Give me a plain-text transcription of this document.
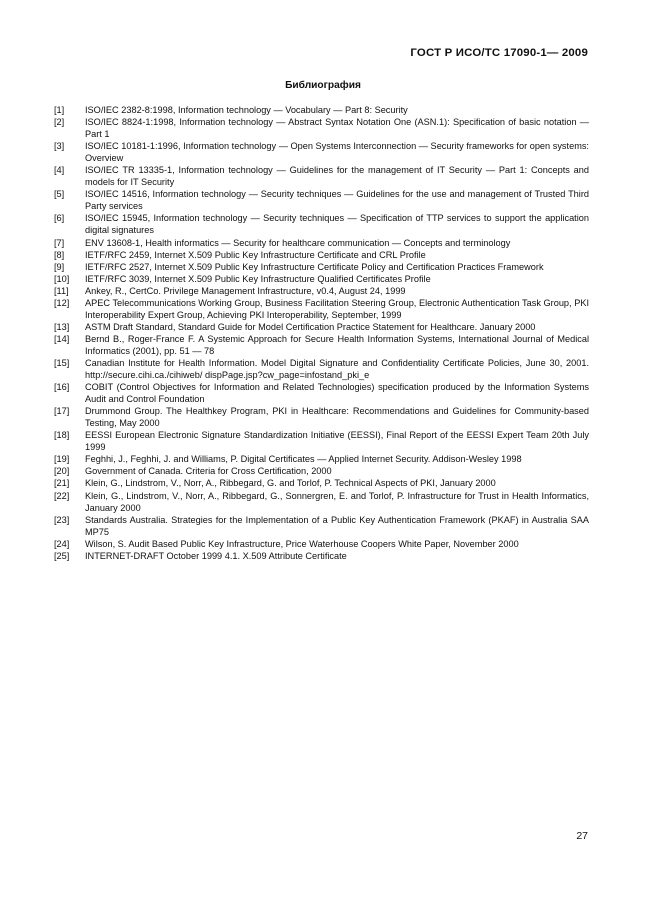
ГОСТ Р ИСО/ТС 17090-1— 2009
Библиография
[1]	ISO/IEC 2382-8:1998, Information technology — Vocabulary — Part 8: Security
[2]	ISO/IEC 8824-1:1998, Information technology — Abstract Syntax Notation One (ASN.1): Specification of basic notation — Part 1
[3]	ISO/IEC 10181-1:1996, Information technology — Open Systems Interconnection — Security frameworks for open systems: Overview
[4]	ISO/IEC TR 13335-1, Information technology — Guidelines for the management of IT Security — Part 1: Concepts and models for IT Security
[5]	ISO/IEC 14516, Information technology — Security techniques — Guidelines for the use and management of Trusted Third Party services
[6]	ISO/IEC 15945, Information technology — Security techniques — Specification of TTP services to support the application digital signatures
[7]	ENV 13608-1, Health informatics — Security for healthcare communication — Concepts and terminology
[8]	IETF/RFC 2459, Internet X.509 Public Key Infrastructure Certificate and CRL Profile
[9]	IETF/RFC 2527, Internet X.509 Public Key Infrastructure Certificate Policy and Certification Practices Framework
[10]	IETF/RFC 3039, Internet X.509 Public Key Infrastructure Qualified Certificates Profile
[11]	Ankey, R., CertCo. Privilege Management Infrastructure, v0.4, August 24, 1999
[12]	APEC Telecommunications Working Group, Business Facilitation Steering Group, Electronic Authentication Task Group, PKI Interoperability Expert Group, Achieving PKI Interoperability, September, 1999
[13]	ASTM Draft Standard, Standard Guide for Model Certification Practice Statement for Healthcare. January 2000
[14]	Bernd B., Roger-France F. A Systemic Approach for Secure Health Information Systems, International Journal of Medical Informatics (2001), pp. 51 — 78
[15]	Canadian Institute for Health Information. Model Digital Signature and Confidentiality Certificate Policies, June 30, 2001. http://secure.cihi.ca./cihiweb/ dispPage.jsp?cw_page=infostand_pki_e
[16]	COBIT (Control Objectives for Information and Related Technologies) specification produced by the Information Systems Audit and Control Foundation
[17]	Drummond Group. The Healthkey Program, PKI in Healthcare: Recommendations and Guidelines for Community-based Testing, May 2000
[18]	EESSI European Electronic Signature Standardization Initiative (EESSI), Final Report of the EESSI Expert Team 20th July 1999
[19]	Feghhi, J., Feghhi, J. and Williams, P. Digital Certificates — Applied Internet Security. Addison-Wesley 1998
[20]	Government of Canada. Criteria for Cross Certification, 2000
[21]	Klein, G., Lindstrom, V., Norr, A., Ribbegard, G. and Torlof, P. Technical Aspects of PKI, January 2000
[22]	Klein, G., Lindstrom, V., Norr, A., Ribbegard, G., Sonnergren, E. and Torlof, P. Infrastructure for Trust in Health Informatics, January 2000
[23]	Standards Australia. Strategies for the Implementation of a Public Key Authentication Framework (PKAF) in Australia SAA MP75
[24]	Wilson, S. Audit Based Public Key Infrastructure, Price Waterhouse Coopers White Paper, November 2000
[25]	INTERNET-DRAFT October 1999 4.1. X.509 Attribute Certificate
27
